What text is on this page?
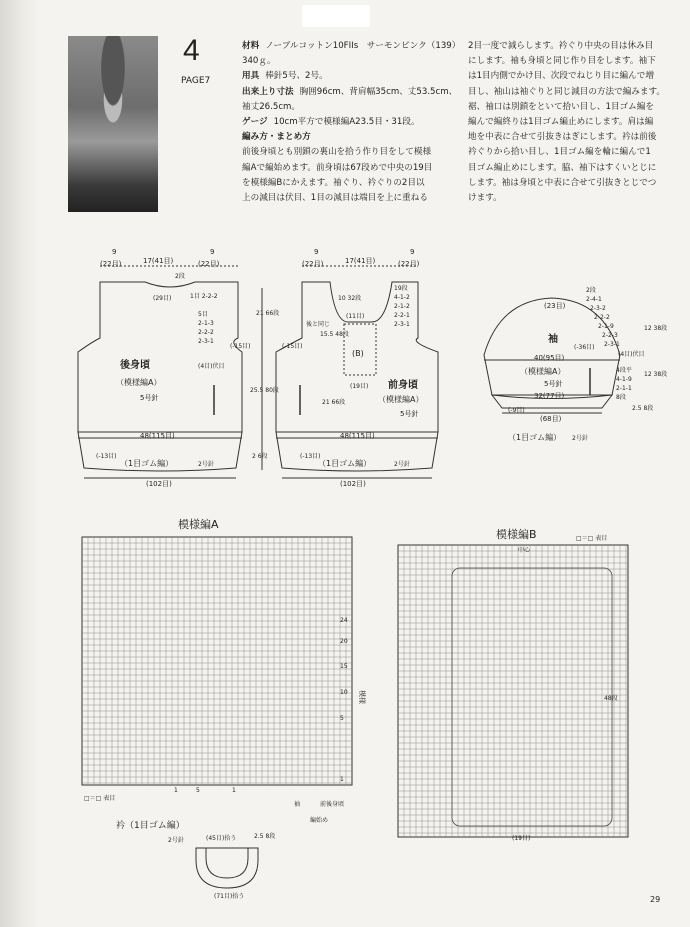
4
PAGE7
材料 ノーブルコットン10FIIs　サーモンピンク（139）340ｇ。
用具 棒針5号、2号。
出来上り寸法 胸囲96cm、背肩幅35cm、丈53.5cm、袖丈26.5cm。
ゲージ 10cm平方で模様編A23.5目・31段。
編み方・まとめ方
前後身頃とも別鎖の裏山を拾う作り目をして模様
編Aで編始めます。前身頃は67段めで中央の19目
を模様編Bにかえます。袖ぐり、衿ぐりの2目以
上の減目は伏目、1目の減目は端目を上に重ねる
2目一度で減らします。衿ぐり中央の目は休み目
にします。袖も身頃と同じ作り目をします。袖下
は1目内側でかけ目、次段でねじり目に編んで増
目し、袖山は袖ぐりと同じ減目の方法で編みます。
裾、袖口は別鎖をといて拾い目し、1目ゴム編を
編んで編終りは1目ゴム編止めにします。肩は編
地を中表に合せて引抜きはぎにします。衿は前後
衿ぐりから拾い目し、1目ゴム編を輪に編んで1
目ゴム編止めにします。脇、袖下はすくいとじに
します。袖は身頃と中表に合せて引抜きとじでつ
けます。
9
(22目)	17(41目)
9
(22目)
2段
(29目)	1目 2-2-2
5目
2-1-3
2-2-2
2-3-1
(4目)伏目
21 66段
(-15目)
25.5 80段
後身頃
（模様編A）
5号針
48(115目)
(-13目)
（1目ゴム編）	2号針
2 6段
(102目)
9
(22目)	17(41目)
9
(22目)
10 32段
(11目)
19段
4-1-2
2-1-2
2-2-1
2-3-1
(B)
15.5 48段
(19目)
後と同じ
(-15目)
21 66段
前身頃
（模様編A）
5号針
48(115目)
(-13目)
（1目ゴム編）	2号針
(102目)
(23目)
2段
2-4-1
2-3-2
2-2-2
2-1-9
2-2-3
2-3-1
12 38段
(4目)伏目
袖
40(95目)
(-36目)
（模様編A）
5号針
4段平
4-1-9
2-1-1
8段
12 38段
32(77目)
(-9目)	2.5 8段
(68目)
（1目ゴム編） 2号針
模様編A
24
20
15
10
5
1
模様
□＝□ 表目
1	5	1
袖	前後身頃
編始め
模様編B	□＝□ 表目
中心
48段
(19目)
衿（1目ゴム編）
2号針	(45目)拾う	2.5 8段
(71目)拾う	29
